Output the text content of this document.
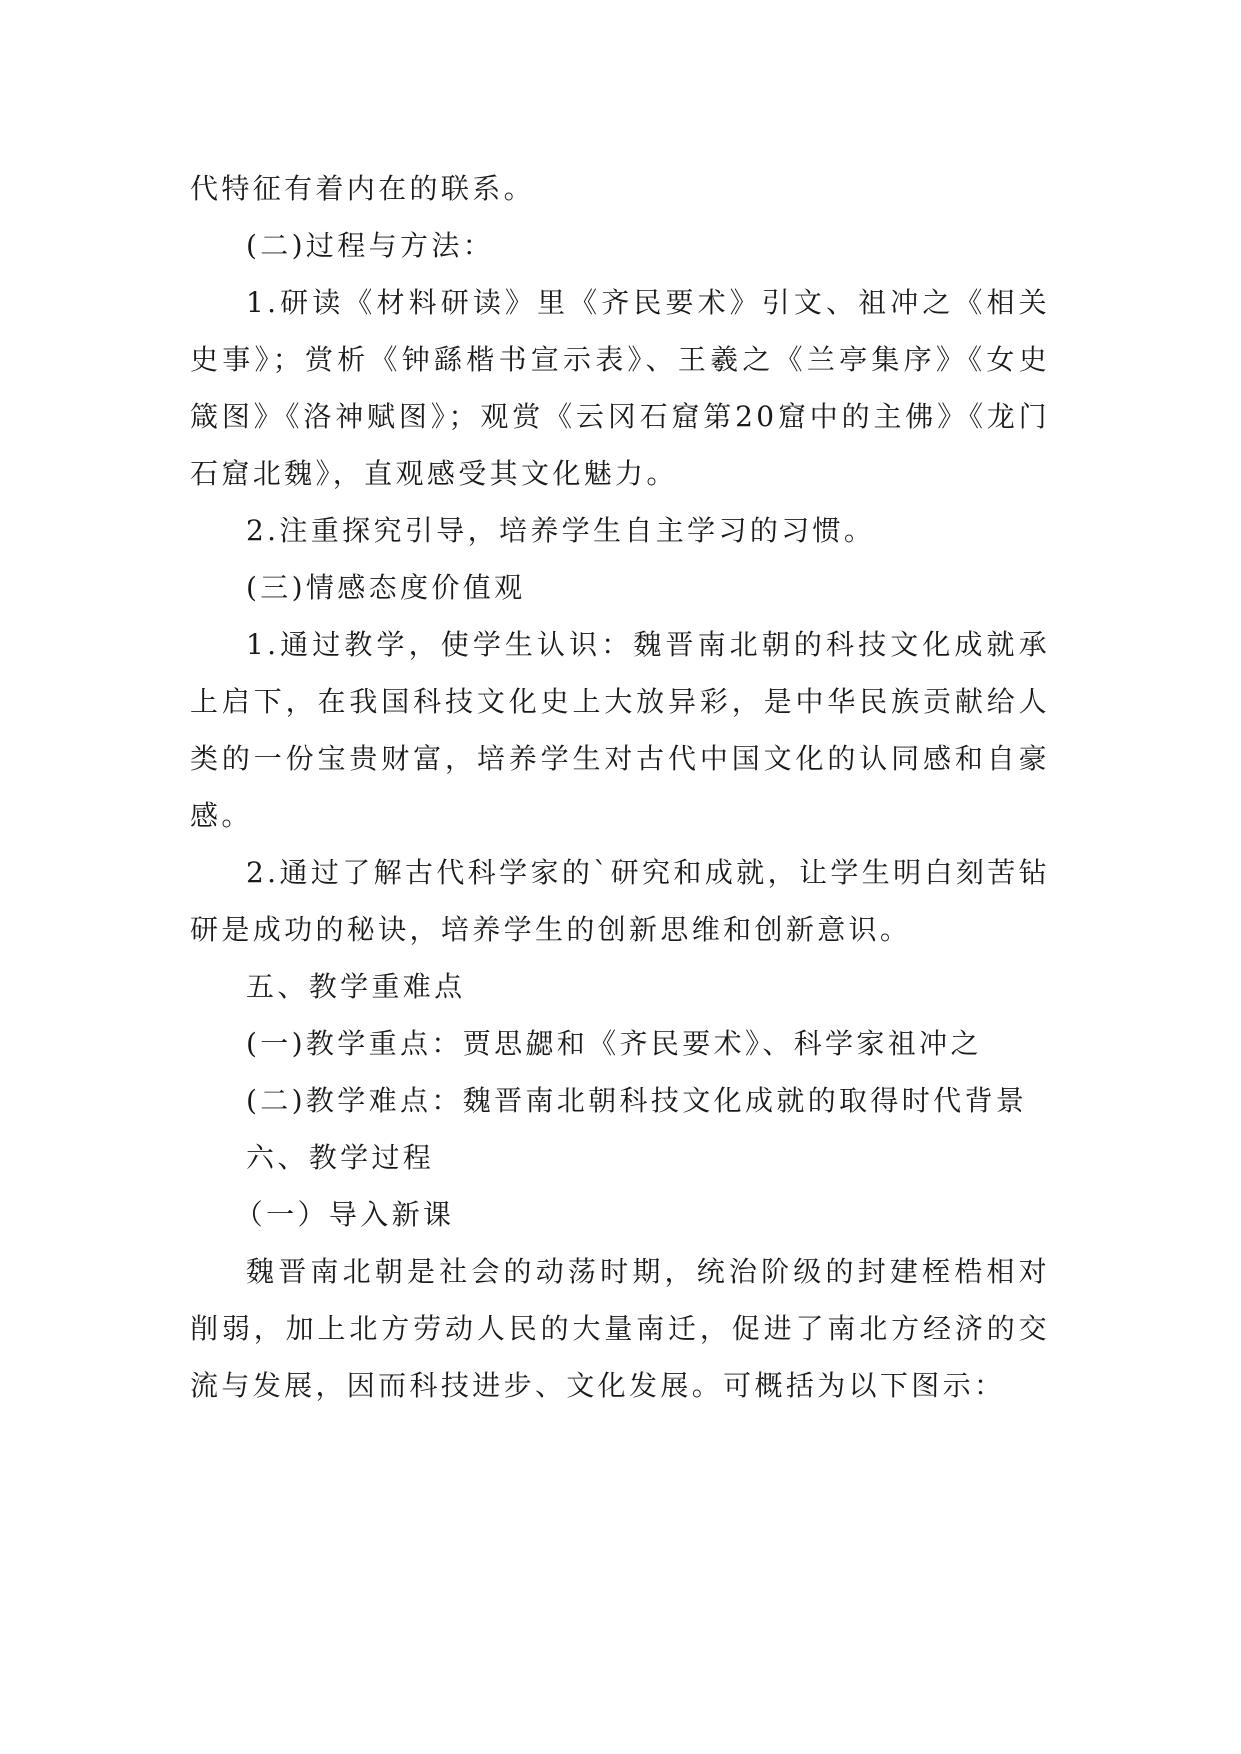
代特征有着内在的联系。

(二)过程与方法：

1.研读《材料研读》里《齐民要术》引文、祖冲之《相关史事》；赏析《钟繇楷书宣示表》、王羲之《兰亭集序》《女史箴图》《洛神赋图》；观赏《云冈石窟第20窟中的主佛》《龙门石窟北魏》，直观感受其文化魅力。

2.注重探究引导，培养学生自主学习的习惯。

(三)情感态度价值观

1.通过教学，使学生认识：魏晋南北朝的科技文化成就承上启下，在我国科技文化史上大放异彩，是中华民族贡献给人类的一份宝贵财富，培养学生对古代中国文化的认同感和自豪感。

2.通过了解古代科学家的`研究和成就，让学生明白刻苦钻研是成功的秘诀，培养学生的创新思维和创新意识。

五、教学重难点

(一)教学重点：贾思勰和《齐民要术》、科学家祖冲之

(二)教学难点：魏晋南北朝科技文化成就的取得时代背景

六、教学过程

（一）导入新课

魏晋南北朝是社会的动荡时期，统治阶级的封建桎梏相对削弱，加上北方劳动人民的大量南迁，促进了南北方经济的交流与发展，因而科技进步、文化发展。可概括为以下图示：
